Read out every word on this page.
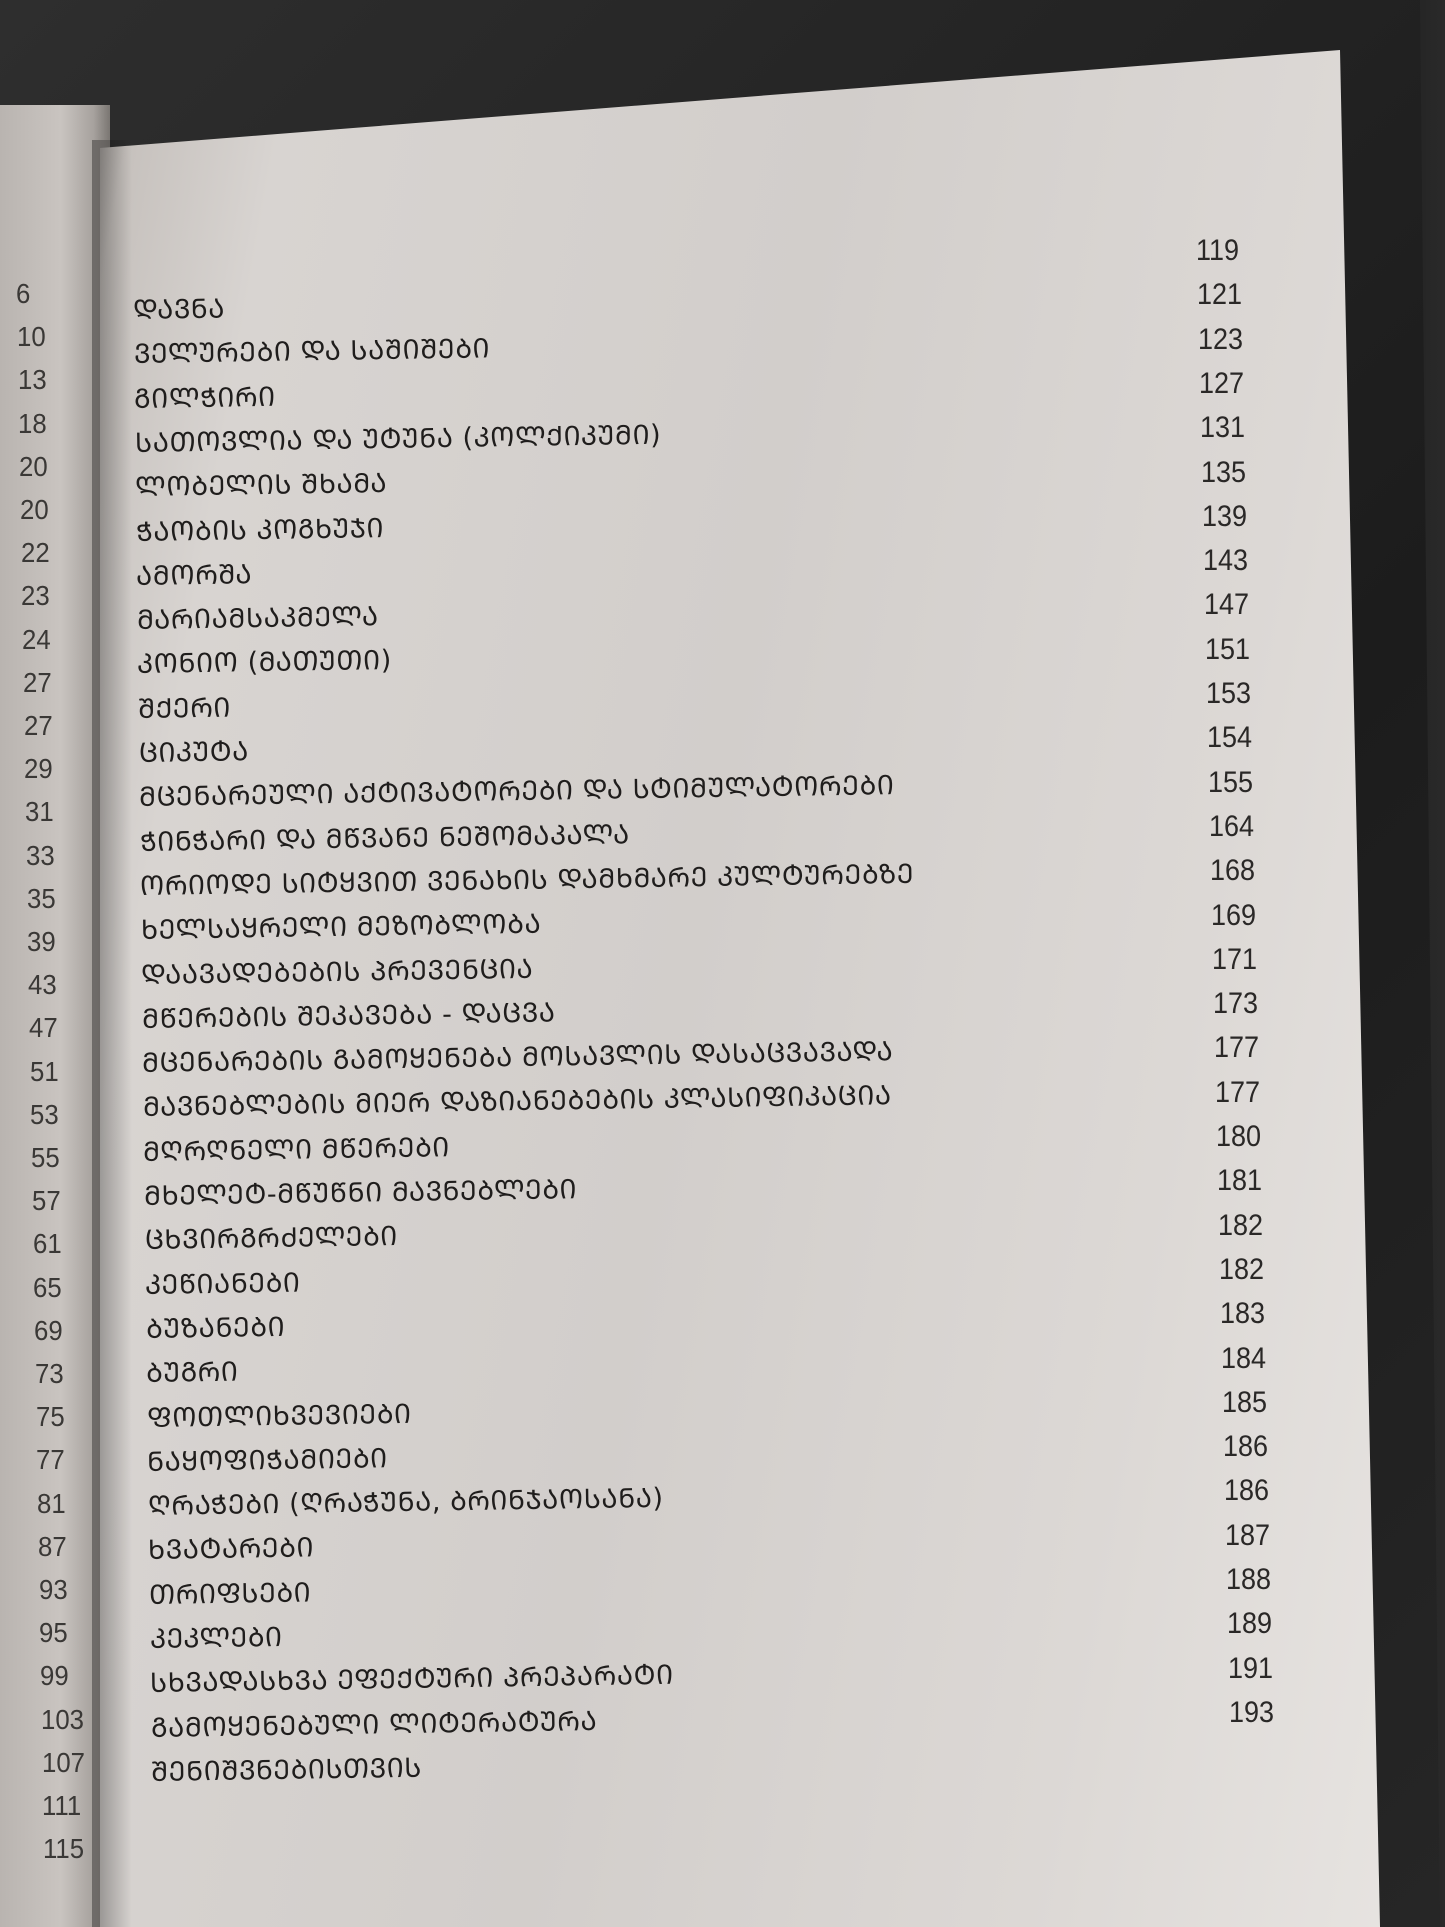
6
10
13
18
20
20
22
23
24
27
27
29
31
33
35
39
43
47
51
53
55
57
61
65
69
73
75
77
81
87
93
95
99
103
107
111
115
ᲓᲐᲕᲜᲐ
ᲕᲔᲚᲣᲠᲔᲑᲘ ᲓᲐ ᲡᲐᲨᲘᲨᲔᲑᲘ
ᲒᲘᲚᲭᲘᲠᲘ
ᲡᲐᲗᲝᲕᲚᲘᲐ ᲓᲐ ᲣᲢᲣᲜᲐ (ᲙᲝᲚᲥᲘᲙᲣᲛᲘ)
ᲚᲝᲑᲔᲚᲘᲡ ᲨᲮᲐᲛᲐ
ᲭᲐᲝᲑᲘᲡ ᲙᲝᲒᲮᲣᲯᲘ
ᲐᲛᲝᲠᲨᲐ
ᲛᲐᲠᲘᲐᲛᲡᲐᲙᲛᲔᲚᲐ
ᲙᲝᲜᲘᲝ (ᲛᲐᲗᲣᲗᲘ)
ᲨᲥᲔᲠᲘ
ᲪᲘᲙᲣᲢᲐ
ᲛᲪᲔᲜᲐᲠᲔᲣᲚᲘ ᲐᲥᲢᲘᲕᲐᲢᲝᲠᲔᲑᲘ ᲓᲐ ᲡᲢᲘᲛᲣᲚᲐᲢᲝᲠᲔᲑᲘ
ᲭᲘᲜᲭᲐᲠᲘ ᲓᲐ ᲛᲬᲕᲐᲜᲔ ᲜᲔᲨᲝᲛᲐᲙᲐᲚᲐ
ᲝᲠᲘᲝᲓᲔ ᲡᲘᲢᲧᲕᲘᲗ ᲕᲔᲜᲐᲮᲘᲡ ᲓᲐᲛᲮᲛᲐᲠᲔ ᲙᲣᲚᲢᲣᲠᲔᲑᲖᲔ
ᲮᲔᲚᲡᲐᲧᲠᲔᲚᲘ ᲛᲔᲖᲝᲑᲚᲝᲑᲐ
ᲓᲐᲐᲕᲐᲓᲔᲑᲔᲑᲘᲡ ᲞᲠᲔᲕᲔᲜᲪᲘᲐ
ᲛᲬᲔᲠᲔᲑᲘᲡ ᲨᲔᲙᲐᲕᲔᲑᲐ - ᲓᲐᲪᲕᲐ
ᲛᲪᲔᲜᲐᲠᲔᲑᲘᲡ ᲒᲐᲛᲝᲧᲔᲜᲔᲑᲐ ᲛᲝᲡᲐᲕᲚᲘᲡ ᲓᲐᲡᲐᲪᲕᲐᲕᲐᲓᲐ
ᲛᲐᲕᲜᲔᲑᲚᲔᲑᲘᲡ ᲛᲘᲔᲠ ᲓᲐᲖᲘᲐᲜᲔᲑᲔᲑᲘᲡ ᲙᲚᲐᲡᲘᲤᲘᲙᲐᲪᲘᲐ
ᲛᲦᲠᲦᲜᲔᲚᲘ ᲛᲬᲔᲠᲔᲑᲘ
ᲛᲮᲔᲚᲔᲢ-ᲛᲬᲣᲬᲜᲘ ᲛᲐᲕᲜᲔᲑᲚᲔᲑᲘ
ᲪᲮᲕᲘᲠᲒᲠᲫᲔᲚᲔᲑᲘ
ᲙᲔᲬᲘᲐᲜᲔᲑᲘ
ᲑᲣᲖᲐᲜᲔᲑᲘ
ᲑᲣᲒᲠᲘ
ᲤᲝᲗᲚᲘᲮᲕᲔᲕᲘᲔᲑᲘ
ᲜᲐᲧᲝᲤᲘᲭᲐᲛᲘᲔᲑᲘ
ᲦᲠᲐᲭᲔᲑᲘ (ᲦᲠᲐᲭᲣᲜᲐ, ᲑᲠᲘᲜᲯᲐᲝᲡᲐᲜᲐ)
ᲮᲕᲐᲢᲐᲠᲔᲑᲘ
ᲗᲠᲘᲤᲡᲔᲑᲘ
ᲙᲔᲙᲚᲔᲑᲘ
ᲡᲮᲕᲐᲓᲐᲡᲮᲕᲐ ᲔᲤᲔᲥᲢᲣᲠᲘ ᲞᲠᲔᲞᲐᲠᲐᲢᲘ
ᲒᲐᲛᲝᲧᲔᲜᲔᲑᲣᲚᲘ ᲚᲘᲢᲔᲠᲐᲢᲣᲠᲐ
ᲨᲔᲜᲘᲨᲕᲜᲔᲑᲘᲡᲗᲕᲘᲡ
119
121
123
127
131
135
139
143
147
151
153
154
155
164
168
169
171
173
177
177
180
181
182
182
183
184
185
186
186
187
188
189
191
193
